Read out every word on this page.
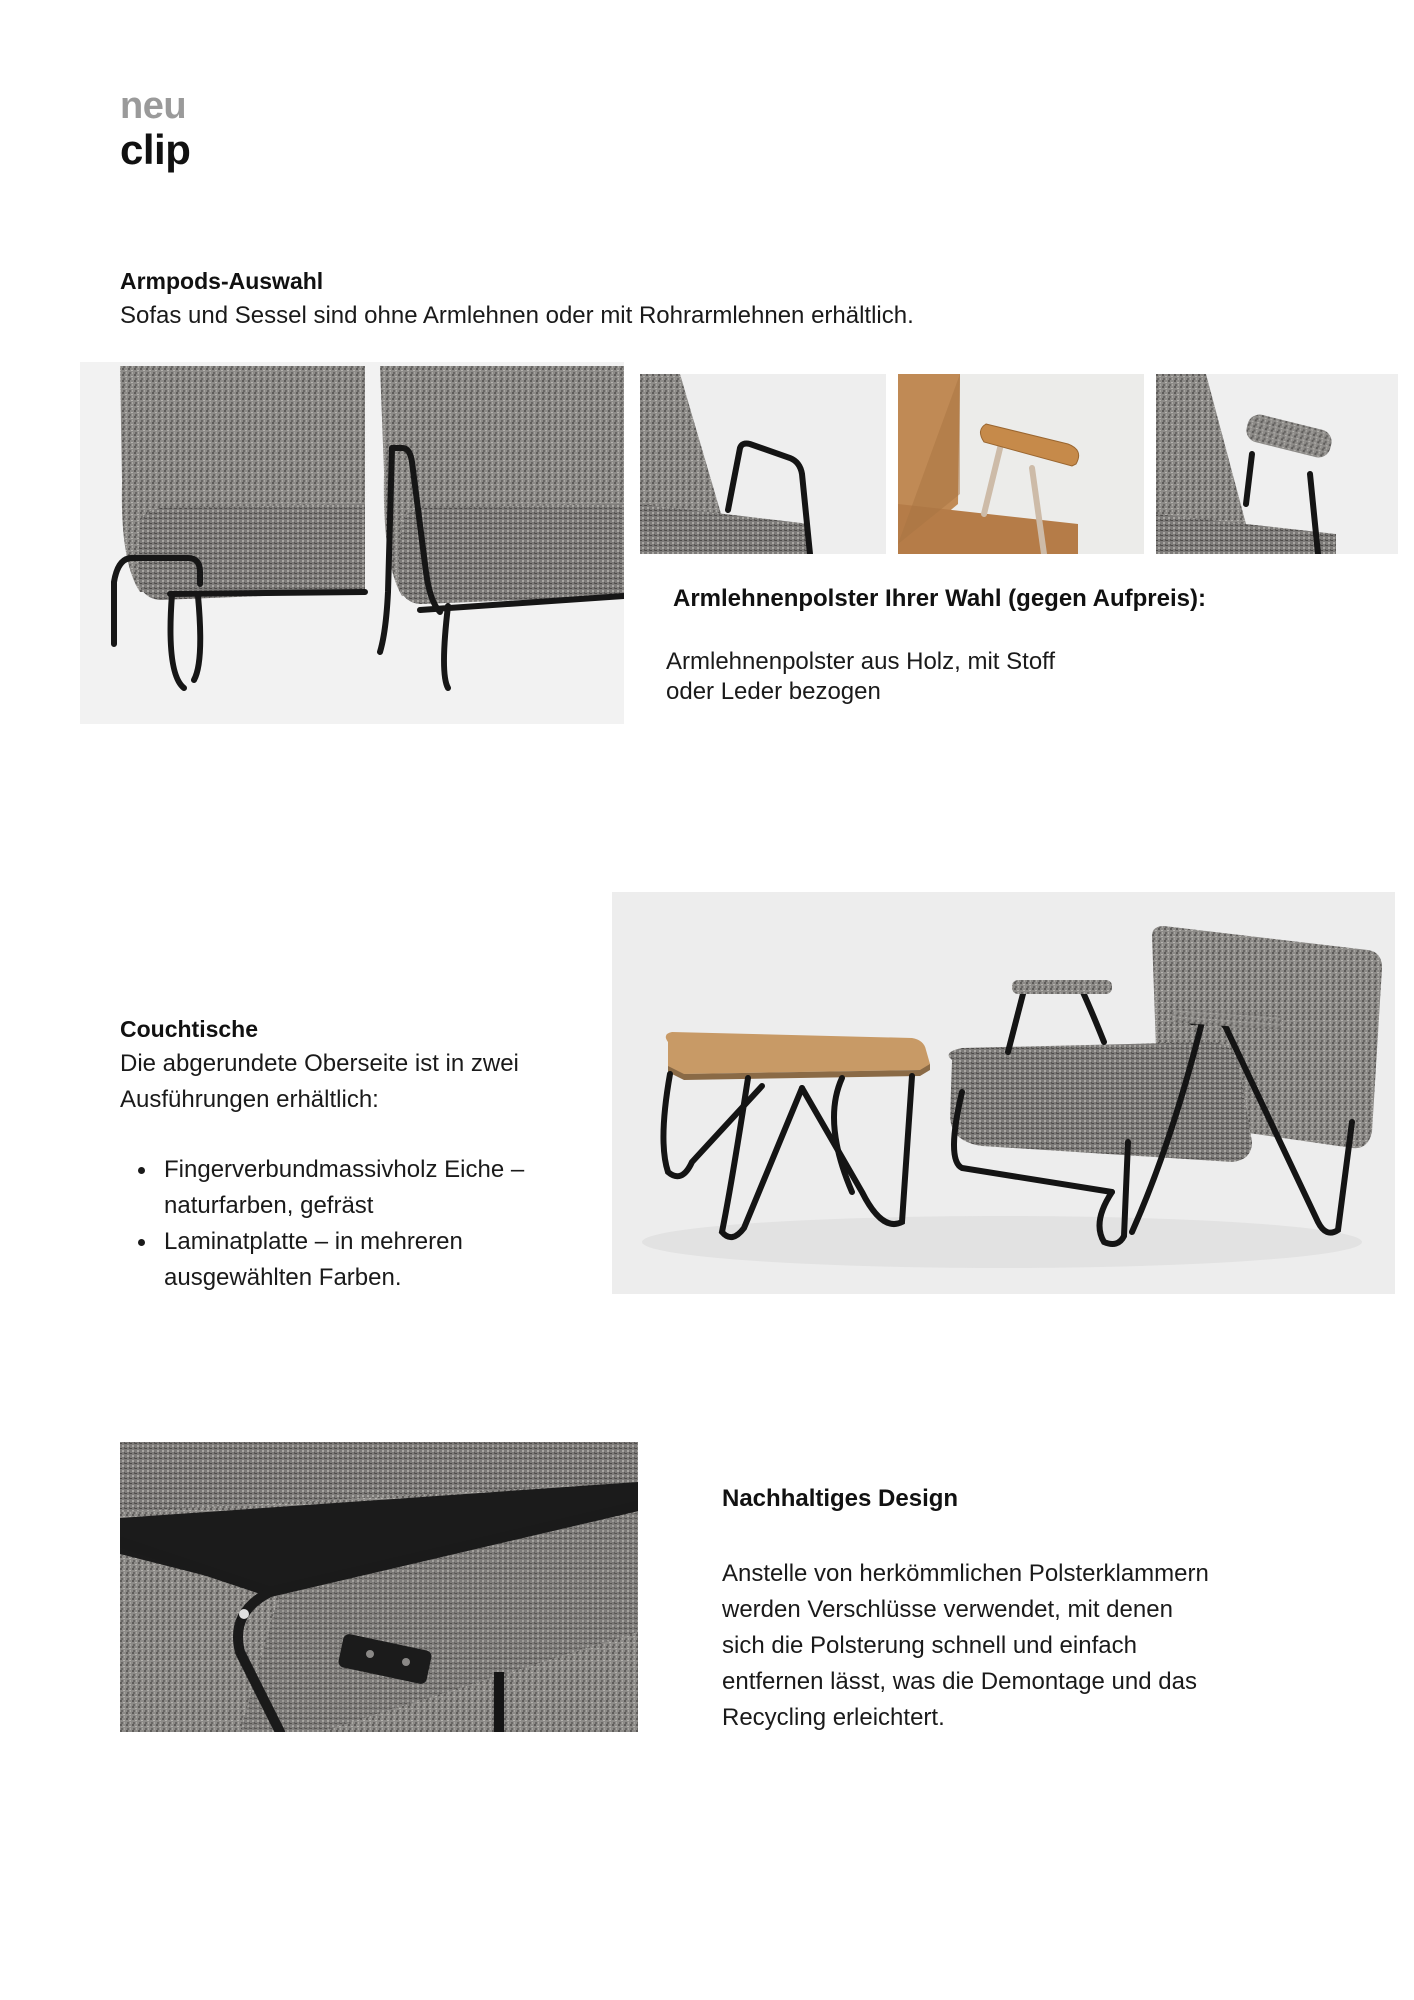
neu
clip
Armpods-Auswahl
Sofas und Sessel sind ohne Armlehnen oder mit Rohrarmlehnen erhältlich.
Armlehnenpolster Ihrer Wahl (gegen Aufpreis):
Armlehnenpolster aus Holz, mit Stoff
oder Leder bezogen
Couchtische
Die abgerundete Oberseite ist in zwei
Ausführungen erhältlich:
Fingerverbundmassivholz Eiche –
naturfarben, gefräst
Laminatplatte – in mehreren
ausgewählten Farben.
Nachhaltiges Design
Anstelle von herkömmlichen Polsterklammern
werden Verschlüsse verwendet, mit denen
sich die Polsterung schnell und einfach
entfernen lässt, was die Demontage und das
Recycling erleichtert.
